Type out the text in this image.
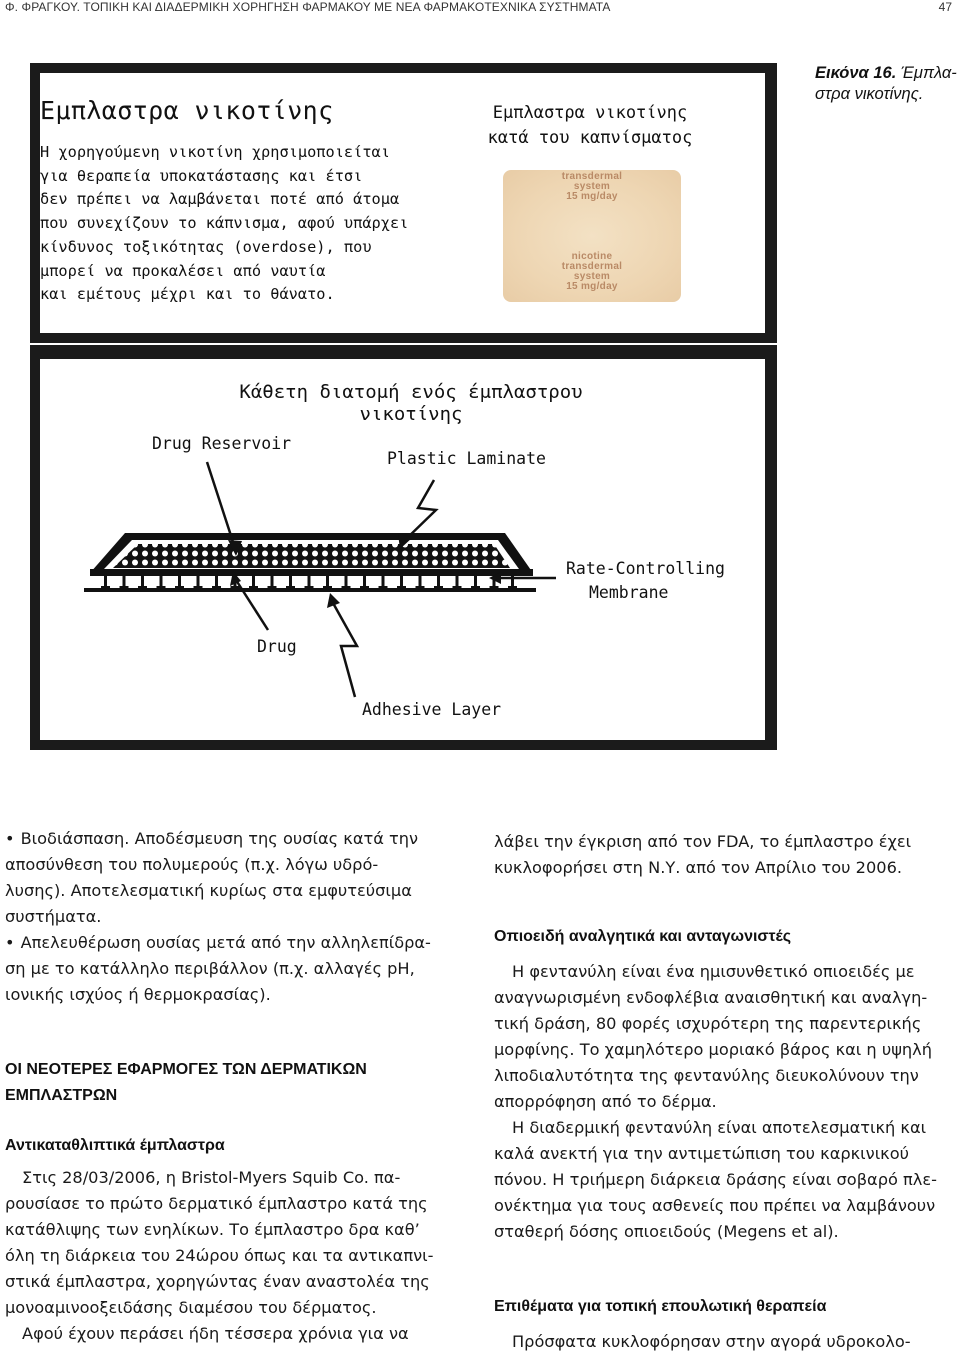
Φ. ΦΡΑΓΚΟΥ. ΤΟΠΙΚΗ ΚΑΙ ΔΙΑΔΕΡΜΙΚΗ ΧΟΡΗΓΗΣΗ ΦΑΡΜΑΚΟΥ ΜΕ ΝΕΑ ΦΑΡΜΑΚΟΤΕΧΝΙΚΑ ΣΥΣΤΗΜΑΤΑ	47
Εμπλαστρα νικοτίνης
Η χορηγούμενη νικοτίνη χρησιμοποιείται
για θεραπεία υποκατάστασης και έτσι
δεν πρέπει να λαμβάνεται ποτέ από άτομα
που συνεχίζουν το κάπνισμα, αφού υπάρχει
κίνδυνος τοξικότητας (overdose), που
μπορεί να προκαλέσει από ναυτία
και εμέτους μέχρι και το θάνατο.
Εμπλαστρα νικοτίνης
κατά του καπνίσματος
transdermal
system
15 mg/day
nicotine
transdermal
system
15 mg/day
Εικόνα 16. Έμπλα-
στρα νικοτίνης.
Κάθετη διατομή ενός έμπλαστρου νικοτίνης
Drug Reservoir
Plastic Laminate
Rate-Controlling
Membrane
Drug
Adhesive Layer
• Βιοδιάσπαση. Αποδέσμευση της ουσίας κατά την
αποσύνθεση του πολυμερούς (π.χ. λόγω υδρό-
λυσης). Αποτελεσματική κυρίως στα εμφυτεύσιμα
συστήματα.
• Απελευθέρωση ουσίας μετά από την αλληλεπίδρα-
ση με το κατάλληλο περιβάλλον (π.χ. αλλαγές pH,
ιονικής ισχύος ή θερμοκρασίας).
ΟΙ ΝΕΟΤΕΡΕΣ ΕΦΑΡΜΟΓΕΣ ΤΩΝ ΔΕΡΜΑΤΙΚΩΝ
ΕΜΠΛΑΣΤΡΩΝ
Αντικαταθλιπτικά έμπλαστρα
Στις 28/03/2006, η Bristol-Myers Squib Co. πα-
ρουσίασε το πρώτο δερματικό έμπλαστρο κατά της
κατάθλιψης των ενηλίκων. Το έμπλαστρο δρα καθ’
όλη τη διάρκεια του 24ώρου όπως και τα αντικαπνι-
στικά έμπλαστρα, χορηγώντας έναν αναστολέα της
μονοαμινοοξειδάσης διαμέσου του δέρματος.
Αφού έχουν περάσει ήδη τέσσερα χρόνια για να
λάβει την έγκριση από τον FDA, το έμπλαστρο έχει
κυκλοφορήσει στη Ν.Υ. από τον Απρίλιο του 2006.
Οπιοειδή αναλγητικά και ανταγωνιστές
Η φεντανύλη είναι ένα ημισυνθετικό οπιοειδές με
αναγνωρισμένη ενδοφλέβια αναισθητική και αναλγη-
τική δράση, 80 φορές ισχυρότερη της παρεντερικής
μορφίνης. Το χαμηλότερο μοριακό βάρος και η υψηλή
λιποδιαλυτότητα της φεντανύλης διευκολύνουν την
απορρόφηση από το δέρμα.
Η διαδερμική φεντανύλη είναι αποτελεσματική και
καλά ανεκτή για την αντιμετώπιση του καρκινικού
πόνου. Η τριήμερη διάρκεια δράσης είναι σοβαρό πλε-
ονέκτημα για τους ασθενείς που πρέπει να λαμβάνουν
σταθερή δόσης οπιοειδούς (Megens et al).
Επιθέματα για τοπική επουλωτική θεραπεία
Πρόσφατα κυκλοφόρησαν στην αγορά υδροκολο-
